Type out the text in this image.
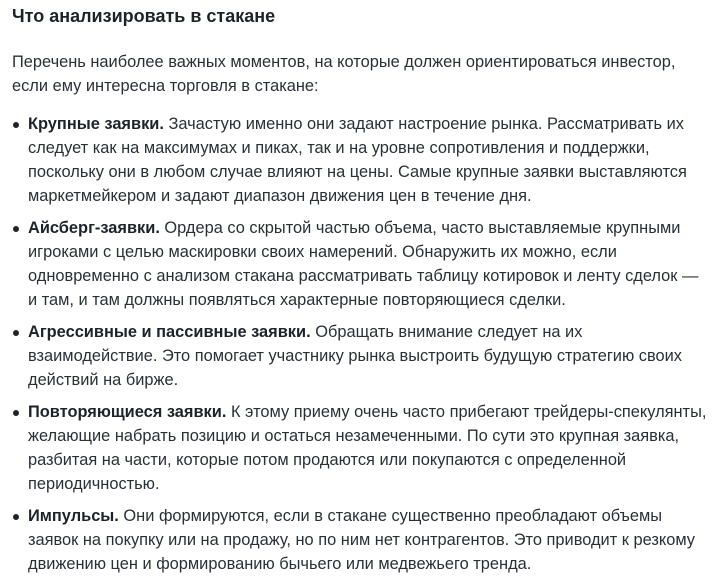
Что анализировать в стакане

Перечень наиболее важных моментов, на которые должен ориентироваться инвестор, если ему интересна торговля в стакане:

Крупные заявки. Зачастую именно они задают настроение рынка. Рассматривать их следует как на максимумах и пиках, так и на уровне сопротивления и поддержки, поскольку они в любом случае влияют на цены. Самые крупные заявки выставляются маркетмейкером и задают диапазон движения цен в течение дня.
Айсберг-заявки. Ордера со скрытой частью объема, часто выставляемые крупными игроками с целью маскировки своих намерений. Обнаружить их можно, если одновременно с анализом стакана рассматривать таблицу котировок и ленту сделок — и там, и там должны появляться характерные повторяющиеся сделки.
Агрессивные и пассивные заявки. Обращать внимание следует на их взаимодействие. Это помогает участнику рынка выстроить будущую стратегию своих действий на бирже.
Повторяющиеся заявки. К этому приему очень часто прибегают трейдеры-спекулянты, желающие набрать позицию и остаться незамеченными. По сути это крупная заявка, разбитая на части, которые потом продаются или покупаются с определенной периодичностью.
Импульсы. Они формируются, если в стакане существенно преобладают объемы заявок на покупку или на продажу, но по ним нет контрагентов. Это приводит к резкому движению цен и формированию бычьего или медвежьего тренда.
